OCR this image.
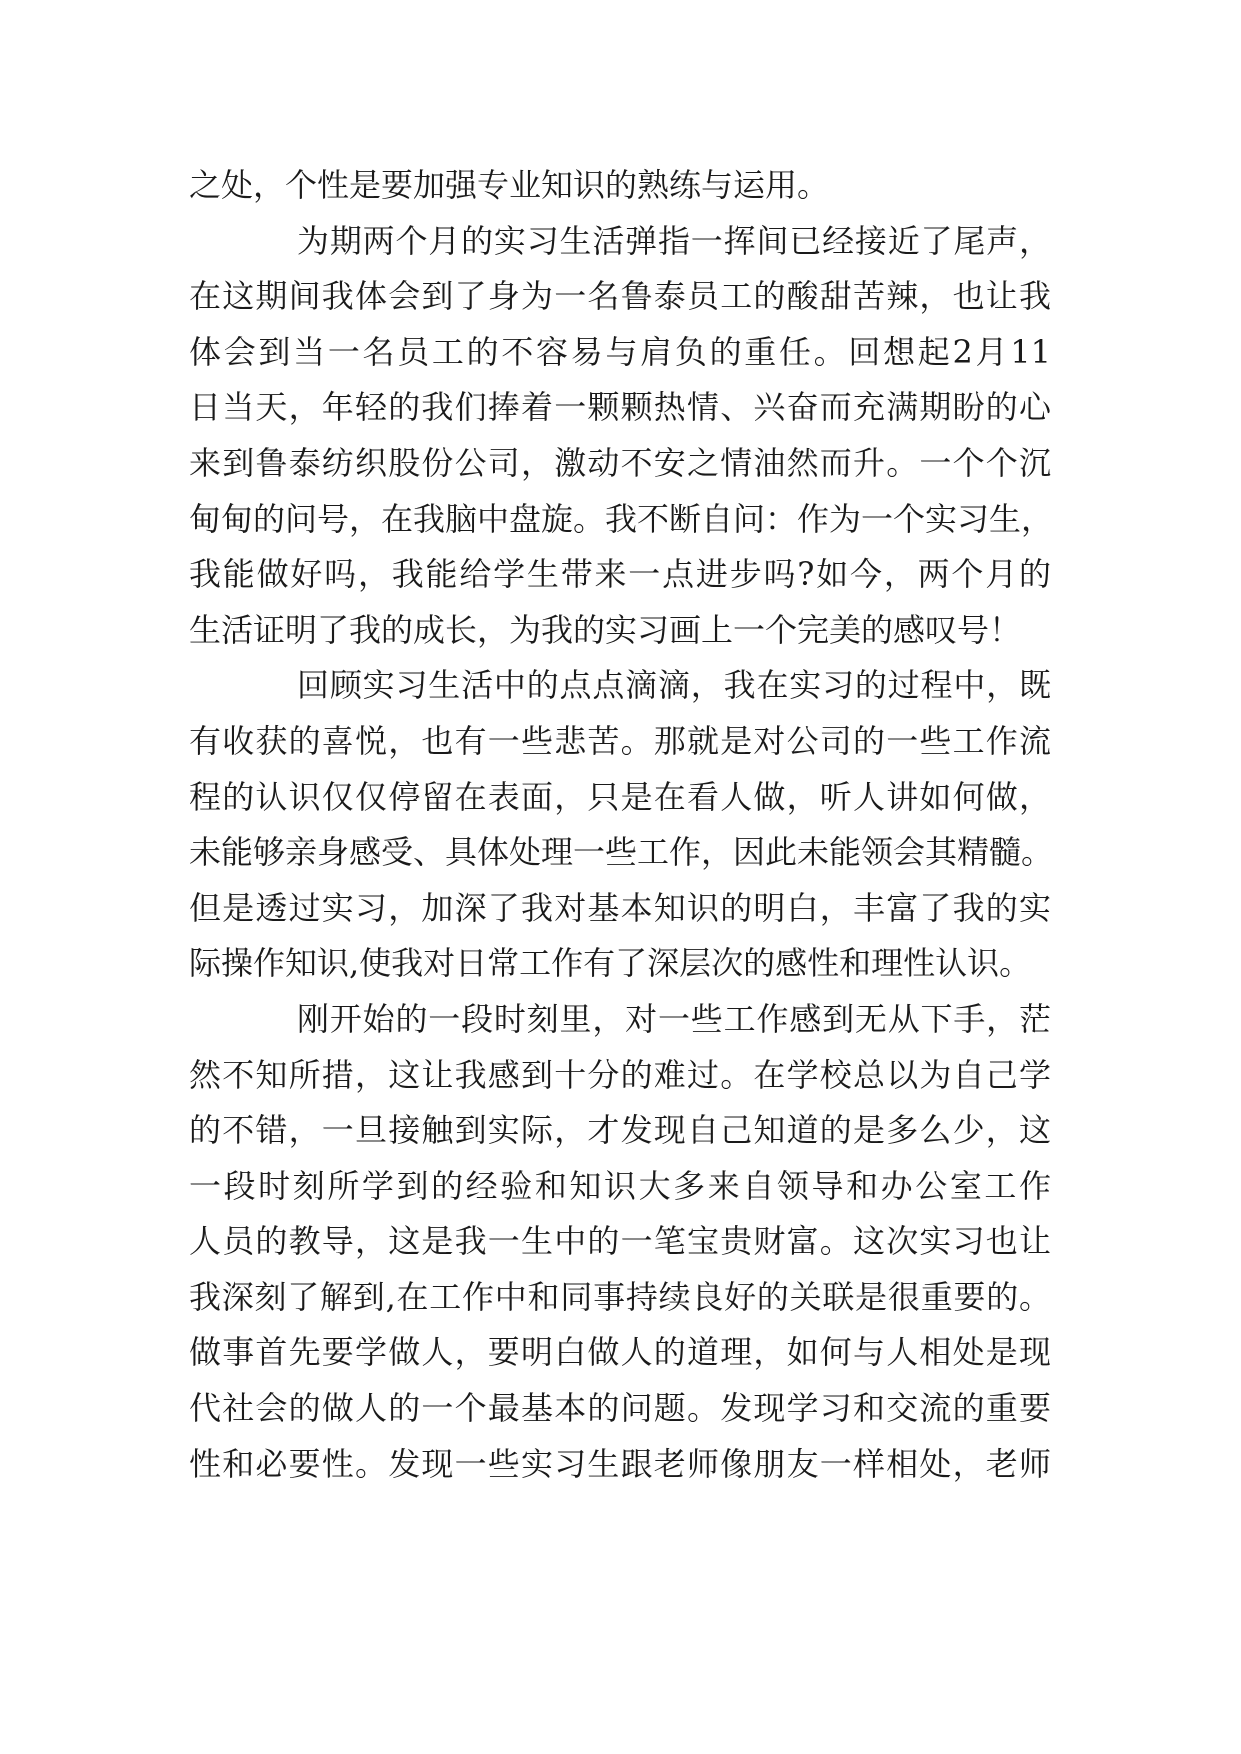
之处，个性是要加强专业知识的熟练与运用。
为期两个月的实习生活弹指一挥间已经接近了尾声，
在这期间我体会到了身为一名鲁泰员工的酸甜苦辣，也让我
体会到当一名员工的不容易与肩负的重任。回想起2月11
日当天，年轻的我们捧着一颗颗热情、兴奋而充满期盼的心
来到鲁泰纺织股份公司，激动不安之情油然而升。一个个沉
甸甸的问号，在我脑中盘旋。我不断自问：作为一个实习生，
我能做好吗，我能给学生带来一点进步吗?如今，两个月的
生活证明了我的成长，为我的实习画上一个完美的感叹号！
回顾实习生活中的点点滴滴，我在实习的过程中，既
有收获的喜悦，也有一些悲苦。那就是对公司的一些工作流
程的认识仅仅停留在表面，只是在看人做，听人讲如何做，
未能够亲身感受、具体处理一些工作，因此未能领会其精髓。
但是透过实习，加深了我对基本知识的明白，丰富了我的实
际操作知识,使我对日常工作有了深层次的感性和理性认识。
刚开始的一段时刻里，对一些工作感到无从下手，茫
然不知所措，这让我感到十分的难过。在学校总以为自己学
的不错，一旦接触到实际，才发现自己知道的是多么少，这
一段时刻所学到的经验和知识大多来自领导和办公室工作
人员的教导，这是我一生中的一笔宝贵财富。这次实习也让
我深刻了解到,在工作中和同事持续良好的关联是很重要的。
做事首先要学做人，要明白做人的道理，如何与人相处是现
代社会的做人的一个最基本的问题。发现学习和交流的重要
性和必要性。发现一些实习生跟老师像朋友一样相处，老师
